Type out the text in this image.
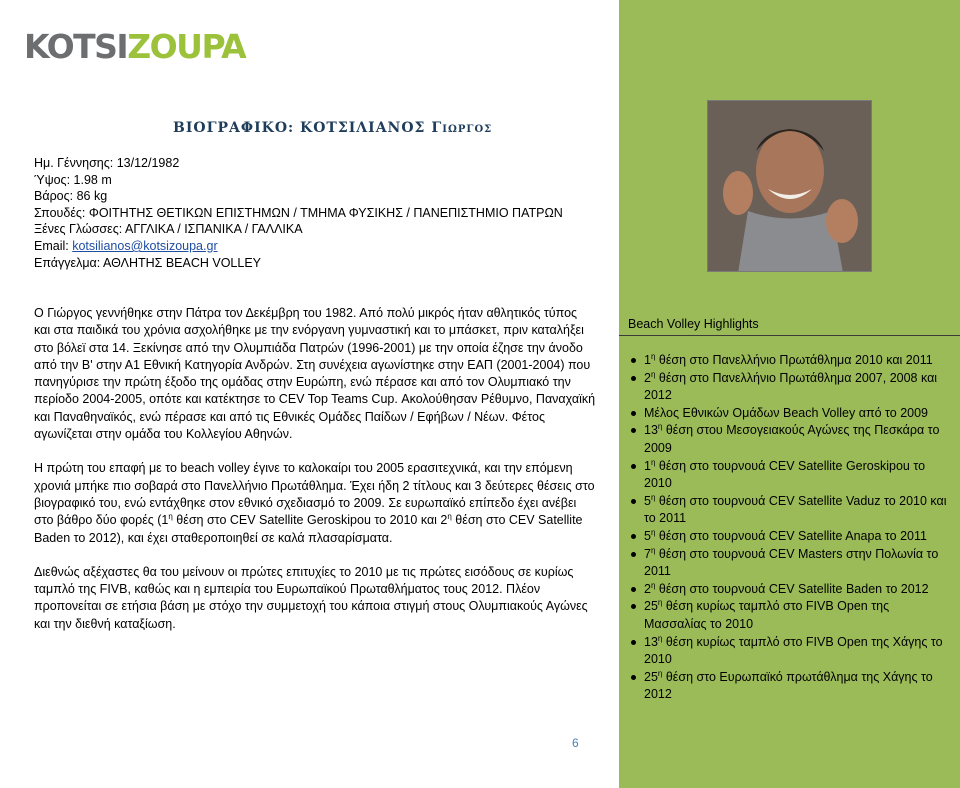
KOTSIZOUPA
ΒΙΟΓΡΑΦΙΚΟ: ΚΟΤΣΙΛΙΑΝΟΣ ΓΙΩΡΓΟΣ
Ημ. Γέννησης: 13/12/1982
Ύψος: 1.98 m
Βάρος: 86 kg
Σπουδές: ΦΟΙΤΗΤΗΣ ΘΕΤΙΚΩΝ ΕΠΙΣΤΗΜΩΝ / ΤΜΗΜΑ ΦΥΣΙΚΗΣ / ΠΑΝΕΠΙΣΤΗΜΙΟ ΠΑΤΡΩΝ
Ξένες Γλώσσες: ΑΓΓΛΙΚΑ / ΙΣΠΑΝΙΚΑ / ΓΑΛΛΙΚΑ
Email: kotsilianos@kotsizoupa.gr
Επάγγελμα: ΑΘΛΗΤΗΣ BEACH VOLLEY

Ο Γιώργος γεννήθηκε στην Πάτρα τον Δεκέμβρη του 1982. Από πολύ μικρός ήταν αθλητικός τύπος και στα παιδικά του χρόνια ασχολήθηκε με την ενόργανη γυμναστική και το μπάσκετ, πριν καταλήξει στο βόλεϊ στα 14. Ξεκίνησε από την Ολυμπιάδα Πατρών (1996-2001) με την οποία έζησε την άνοδο από την Β' στην Α1 Εθνική Κατηγορία Ανδρών. Στη συνέχεια αγωνίστηκε στην ΕΑΠ (2001-2004) που πανηγύρισε την πρώτη έξοδο της ομάδας στην Ευρώπη, ενώ πέρασε και από τον Ολυμπιακό την περίοδο 2004-2005, οπότε και κατέκτησε το CEV Top Teams Cup. Ακολούθησαν Ρέθυμνο, Παναχαϊκή και Παναθηναϊκός, ενώ πέρασε και από τις Εθνικές Ομάδες Παίδων / Εφήβων / Νέων. Φέτος αγωνίζεται στην ομάδα του Κολλεγίου Αθηνών.

Η πρώτη του επαφή με το beach volley έγινε το καλοκαίρι του 2005 ερασιτεχνικά, και την επόμενη χρονιά μπήκε πιο σοβαρά στο Πανελλήνιο Πρωτάθλημα. Έχει ήδη 2 τίτλους και 3 δεύτερες θέσεις στο βιογραφικό του, ενώ εντάχθηκε στον εθνικό σχεδιασμό το 2009. Σε ευρωπαϊκό επίπεδο έχει ανέβει στο βάθρο δύο φορές ($1^\eta$ θέση στο CEV Satellite Geroskipou το 2010 και $2^\eta$ θέση στο CEV Satellite Baden το 2012), και έχει σταθεροποιηθεί σε καλά πλασαρίσματα.

Διεθνώς αξέχαστες θα του μείνουν οι πρώτες επιτυχίες το 2010 με τις πρώτες εισόδους σε κυρίως ταμπλό της FIVB, καθώς και η εμπειρία του Ευρωπαϊκού Πρωταθλήματος τους 2012. Πλέον προπονείται σε ετήσια βάση με στόχο την συμμετοχή του κάποια στιγμή στους Ολυμπιακούς Αγώνες και την διεθνή καταξίωση.

6
Beach Volley Highlights
$1^\eta$ θέση στο Πανελλήνιο Πρωτάθλημα 2010 και 2011
$2^\eta$ θέση στο Πανελλήνιο Πρωτάθλημα 2007, 2008 και 2012
Μέλος Εθνικών Ομάδων Beach Volley από το 2009
$13^\eta$ θέση στου Μεσογειακούς Αγώνες της Πεσκάρα το 2009
$1^\eta$ θέση στο τουρνουά CEV Satellite Geroskipou το 2010
$5^\eta$ θέση στο τουρνουά CEV Satellite Vaduz το 2010 και το 2011
$5^\eta$ θέση στο τουρνουά CEV Satellite Anapa το 2011
$7^\eta$ θέση στο τουρνουά CEV Masters στην Πολωνία το 2011
$2^\eta$ θέση στο τουρνουά CEV Satellite Baden το 2012
$25^\eta$ θέση κυρίως ταμπλό στο FIVB Open της Μασσαλίας το 2010
$13^\eta$ θέση κυρίως ταμπλό στο FIVB Open της Χάγης το 2010
$25^\eta$ θέση στο Ευρωπαϊκό πρωτάθλημα της Χάγης το 2012
